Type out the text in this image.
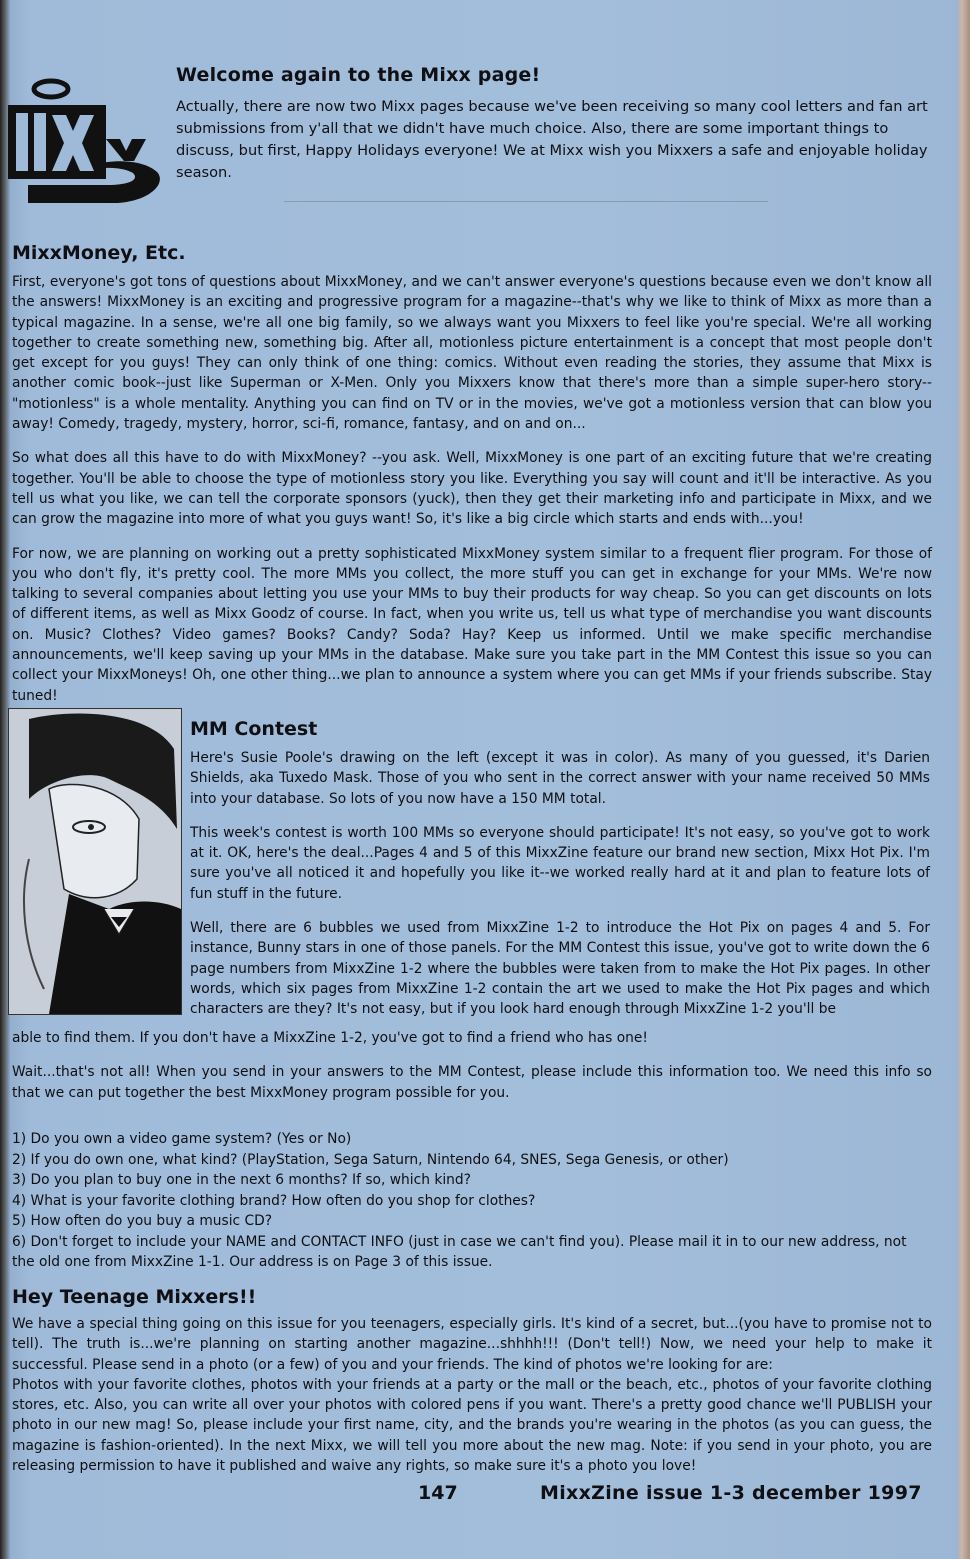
Welcome again to the Mixx page!
Actually, there are now two Mixx pages because we've been receiving so many cool letters and fan art submissions from y'all that we didn't have much choice. Also, there are some important things to discuss, but first, Happy Holidays everyone! We at Mixx wish you Mixxers a safe and enjoyable holiday season.
MixxMoney, Etc.

First, everyone's got tons of questions about MixxMoney, and we can't answer everyone's questions because even we don't know all the answers! MixxMoney is an exciting and progressive program for a magazine--that's why we like to think of Mixx as more than a typical magazine. In a sense, we're all one big family, so we always want you Mixxers to feel like you're special. We're all working together to create something new, something big. After all, motionless picture entertainment is a concept that most people don't get except for you guys! They can only think of one thing: comics. Without even reading the stories, they assume that Mixx is another comic book--just like Superman or X-Men. Only you Mixxers know that there's more than a simple super-hero story--"motionless" is a whole mentality. Anything you can find on TV or in the movies, we've got a motionless version that can blow you away! Comedy, tragedy, mystery, horror, sci-fi, romance, fantasy, and on and on...

So what does all this have to do with MixxMoney? --you ask. Well, MixxMoney is one part of an exciting future that we're creating together. You'll be able to choose the type of motionless story you like. Everything you say will count and it'll be interactive. As you tell us what you like, we can tell the corporate sponsors (yuck), then they get their marketing info and participate in Mixx, and we can grow the magazine into more of what you guys want! So, it's like a big circle which starts and ends with...you!

For now, we are planning on working out a pretty sophisticated MixxMoney system similar to a frequent flier program. For those of you who don't fly, it's pretty cool. The more MMs you collect, the more stuff you can get in exchange for your MMs. We're now talking to several companies about letting you use your MMs to buy their products for way cheap. So you can get discounts on lots of different items, as well as Mixx Goodz of course. In fact, when you write us, tell us what type of merchandise you want discounts on. Music? Clothes? Video games? Books? Candy? Soda? Hay? Keep us informed. Until we make specific merchandise announcements, we'll keep saving up your MMs in the database. Make sure you take part in the MM Contest this issue so you can collect your MixxMoneys! Oh, one other thing...we plan to announce a system where you can get MMs if your friends subscribe. Stay tuned!

MM Contest

Here's Susie Poole's drawing on the left (except it was in color). As many of you guessed, it's Darien Shields, aka Tuxedo Mask. Those of you who sent in the correct answer with your name received 50 MMs into your database. So lots of you now have a 150 MM total.

This week's contest is worth 100 MMs so everyone should participate! It's not easy, so you've got to work at it. OK, here's the deal...Pages 4 and 5 of this MixxZine feature our brand new section, Mixx Hot Pix. I'm sure you've all noticed it and hopefully you like it--we worked really hard at it and plan to feature lots of fun stuff in the future.

Well, there are 6 bubbles we used from MixxZine 1-2 to introduce the Hot Pix on pages 4 and 5. For instance, Bunny stars in one of those panels. For the MM Contest this issue, you've got to write down the 6 page numbers from MixxZine 1-2 where the bubbles were taken from to make the Hot Pix pages. In other words, which six pages from MixxZine 1-2 contain the art we used to make the Hot Pix pages and which characters are they? It's not easy, but if you look hard enough through MixxZine 1-2 you'll be

able to find them. If you don't have a MixxZine 1-2, you've got to find a friend who has one!

Wait...that's not all! When you send in your answers to the MM Contest, please include this information too. We need this info so that we can put together the best MixxMoney program possible for you.

1) Do you own a video game system? (Yes or No)
2) If you do own one, what kind? (PlayStation, Sega Saturn, Nintendo 64, SNES, Sega Genesis, or other)
3) Do you plan to buy one in the next 6 months? If so, which kind?
4) What is your favorite clothing brand? How often do you shop for clothes?
5) How often do you buy a music CD?
6) Don't forget to include your NAME and CONTACT INFO (just in case we can't find you). Please mail it in to our new address, not
the old one from MixxZine 1-1. Our address is on Page 3 of this issue.
Hey Teenage Mixxers!!

We have a special thing going on this issue for you teenagers, especially girls. It's kind of a secret, but...(you have to promise not to tell). The truth is...we're planning on starting another magazine...shhhh!!! (Don't tell!) Now, we need your help to make it successful. Please send in a photo (or a few) of you and your friends. The kind of photos we're looking for are:

Photos with your favorite clothes, photos with your friends at a party or the mall or the beach, etc., photos of your favorite clothing stores, etc. Also, you can write all over your photos with colored pens if you want. There's a pretty good chance we'll PUBLISH your photo in our new mag! So, please include your first name, city, and the brands you're wearing in the photos (as you can guess, the magazine is fashion-oriented). In the next Mixx, we will tell you more about the new mag. Note: if you send in your photo, you are releasing permission to have it published and waive any rights, so make sure it's a photo you love!

147	MixxZine issue 1-3 december 1997
